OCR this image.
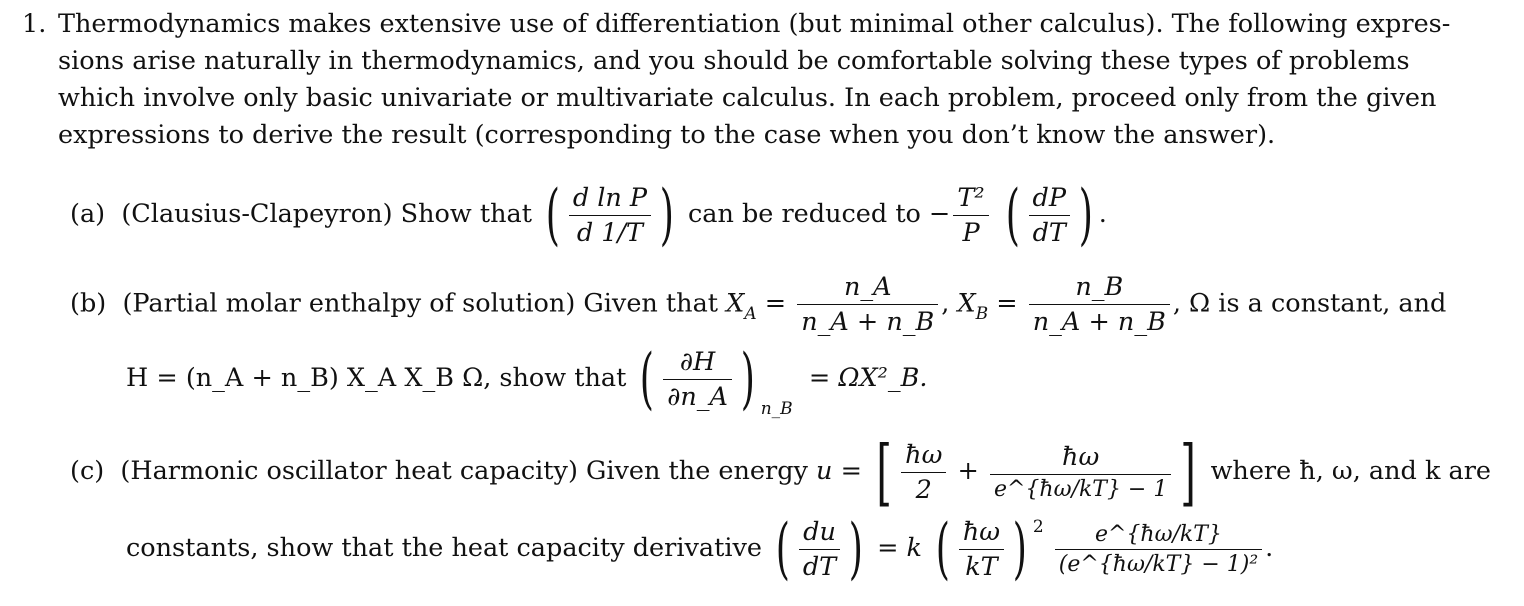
1. Thermodynamics makes extensive use of differentiation (but minimal other calculus). The following expres-
sions arise naturally in thermodynamics, and you should be comfortable solving these types of problems
which involve only basic univariate or multivariate calculus. In each problem, proceed only from the given
expressions to derive the result (corresponding to the case when you don’t know the answer).
(a) (Clausius-Clapeyron) Show that ( $\frac{\text{d ln P}}{d 1/T}$ ) can be reduced to − $\frac{\text{T²}}{P}$ ( $\frac{dP}{dT}$ ) .
(b) (Partial molar enthalpy of solution) Given that $X_A = \frac{n\_A}{n\_A + n\_B}$ , $X_B = \frac{n\_B}{n\_A + n\_B}$ , Ω is a constant, and
H = (n_A + n_B) X_A X_B Ω, show that ( $\frac{\partial H}{\partial n\_A}$ ) $_{n\_B}$  = ΩX²_B.
(c) (Harmonic oscillator heat capacity) Given the energy u = [ $\frac{ħ\omega}{2} + \frac{ħ\omega}{e\^{}\{ħ\omega/kT\} - 1}$ ] where ħ, ω, and k are
constants, show that the heat capacity derivative ( $\frac{du}{dT}$ ) = k ( $\frac{ħ\omega}{kT}$ ) $^2 \frac{e\^{}\{ħ\omega/kT\}}{\text{(e\textasciicircum{}\{ħω/kT\} − 1)²}}$ .
